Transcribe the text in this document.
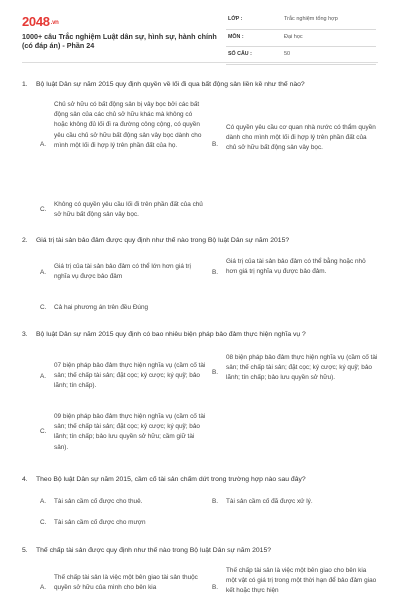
2048.vn
1000+ câu Trắc nghiệm Luật dân sự, hình sự, hành chính (có đáp án) - Phần 24
LỚP :	Trắc nghiệm tổng hợp
MÔN :	Đại học
SỐ CÂU :	50
1.	Bộ luật Dân sự năm 2015 quy định quyền về lối đi qua bất động sản liền kề như thế nào?
A.
Chủ sở hữu có bất động sản bị vây bọc bởi các bất động sản của các chủ sở hữu khác mà không có hoặc không đủ lối đi ra đường công cộng, có quyền yêu cầu chủ sở hữu bất động sản vây bọc dành cho mình một lối đi hợp lý trên phần đất của họ.	B.
Có quyền yêu cầu cơ quan nhà nước có thẩm quyền dành cho mình một lối đi hợp lý trên phần đất của chủ sở hữu bất động sản vây bọc.
C.
Không có quyền yêu cầu lối đi trên phần đất của chủ sở hữu bất động sản vây bọc.
2.	Giá trị tài sản bảo đảm được quy định như thế nào trong Bộ luật Dân sự năm 2015?
A.
Giá trị của tài sản bảo đảm có thể lớn hơn giá trị nghĩa vụ được bảo đảm
B.
Giá trị của tài sản bảo đảm có thể bằng hoặc nhỏ hơn giá trị nghĩa vụ được bảo đảm.
C.	Cả hai phương án trên đều Đúng
3.	Bộ luật Dân sự năm 2015 quy định có bao nhiêu biện pháp bảo đảm thực hiện nghĩa vụ ?
A.
07 biện pháp bảo đảm thực hiện nghĩa vụ (cầm cố tài sản; thế chấp tài sản; đặt cọc; ký cược; ký quỹ; bảo lãnh; tín chấp).
B.
08 biện pháp bảo đảm thực hiện nghĩa vụ (cầm cố tài sản; thế chấp tài sản; đặt cọc; ký cược; ký quỹ; bảo lãnh; tín chấp; bảo lưu quyền sở hữu).
C.
09 biện pháp bảo đảm thực hiện nghĩa vụ (cầm cố tài sản; thế chấp tài sản; đặt cọc; ký cược; ký quỹ; bảo lãnh; tín chấp; bảo lưu quyền sở hữu; cầm giữ tài sản).
4.	Theo Bộ luật Dân sự năm 2015, cầm cố tài sản chấm dứt trong trường hợp nào sau đây?
A.	Tài sản cầm cố được cho thuê.	B.	Tài sản cầm cố đã được xử lý.
C.	Tài sản cầm cố được cho mượn
5.	Thế chấp tài sản được quy định như thế nào trong Bộ luật Dân sự năm 2015?
A.
Thế chấp tài sản là việc một bên giao tài sản thuộc quyền sở hữu của mình cho bên kia	B.
Thế chấp tài sản là việc một bên giao cho bên kia một vật có giá trị trong một thời hạn để bảo đảm giao kết hoặc thực hiện
